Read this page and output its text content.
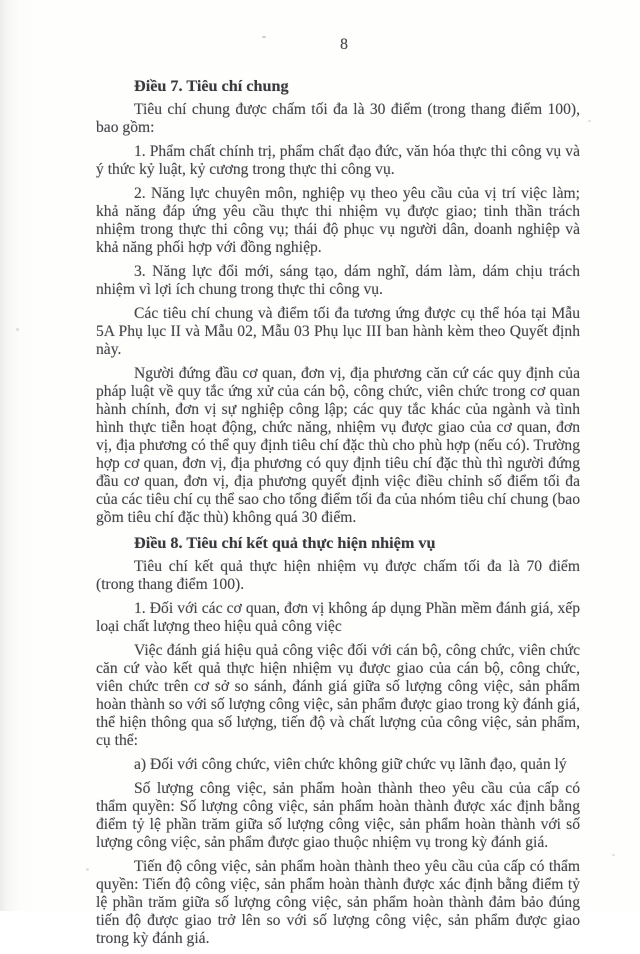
8
Điều 7. Tiêu chí chung

Tiêu chí chung được chấm tối đa là 30 điểm (trong thang điểm 100), bao gồm:

1. Phẩm chất chính trị, phẩm chất đạo đức, văn hóa thực thi công vụ và ý thức kỷ luật, kỷ cương trong thực thi công vụ.

2. Năng lực chuyên môn, nghiệp vụ theo yêu cầu của vị trí việc làm; khả năng đáp ứng yêu cầu thực thi nhiệm vụ được giao; tinh thần trách nhiệm trong thực thi công vụ; thái độ phục vụ người dân, doanh nghiệp và khả năng phối hợp với đồng nghiệp.

3. Năng lực đổi mới, sáng tạo, dám nghĩ, dám làm, dám chịu trách nhiệm vì lợi ích chung trong thực thi công vụ.

Các tiêu chí chung và điểm tối đa tương ứng được cụ thể hóa tại Mẫu 5A Phụ lục II và Mẫu 02, Mẫu 03 Phụ lục III ban hành kèm theo Quyết định này.

Người đứng đầu cơ quan, đơn vị, địa phương căn cứ các quy định của pháp luật về quy tắc ứng xử của cán bộ, công chức, viên chức trong cơ quan hành chính, đơn vị sự nghiệp công lập; các quy tắc khác của ngành và tình hình thực tiễn hoạt động, chức năng, nhiệm vụ được giao của cơ quan, đơn vị, địa phương có thể quy định tiêu chí đặc thù cho phù hợp (nếu có). Trường hợp cơ quan, đơn vị, địa phương có quy định tiêu chí đặc thù thì người đứng đầu cơ quan, đơn vị, địa phương quyết định việc điều chỉnh số điểm tối đa của các tiêu chí cụ thể sao cho tổng điểm tối đa của nhóm tiêu chí chung (bao gồm tiêu chí đặc thù) không quá 30 điểm.

Điều 8. Tiêu chí kết quả thực hiện nhiệm vụ

Tiêu chí kết quả thực hiện nhiệm vụ được chấm tối đa là 70 điểm (trong thang điểm 100).

1. Đối với các cơ quan, đơn vị không áp dụng Phần mềm đánh giá, xếp loại chất lượng theo hiệu quả công việc

Việc đánh giá hiệu quả công việc đối với cán bộ, công chức, viên chức căn cứ vào kết quả thực hiện nhiệm vụ được giao của cán bộ, công chức, viên chức trên cơ sở so sánh, đánh giá giữa số lượng công việc, sản phẩm hoàn thành so với số lượng công việc, sản phẩm được giao trong kỳ đánh giá, thể hiện thông qua số lượng, tiến độ và chất lượng của công việc, sản phẩm, cụ thể:

a) Đối với công chức, viên chức không giữ chức vụ lãnh đạo, quản lý

Số lượng công việc, sản phẩm hoàn thành theo yêu cầu của cấp có thẩm quyền: Số lượng công việc, sản phẩm hoàn thành được xác định bằng điểm tỷ lệ phần trăm giữa số lượng công việc, sản phẩm hoàn thành với số lượng công việc, sản phẩm được giao thuộc nhiệm vụ trong kỳ đánh giá.

Tiến độ công việc, sản phẩm hoàn thành theo yêu cầu của cấp có thẩm quyền: Tiến độ công việc, sản phẩm hoàn thành được xác định bằng điểm tỷ lệ phần trăm giữa số lượng công việc, sản phẩm hoàn thành đảm bảo đúng tiến độ được giao trở lên so với số lượng công việc, sản phẩm được giao trong kỳ đánh giá.
